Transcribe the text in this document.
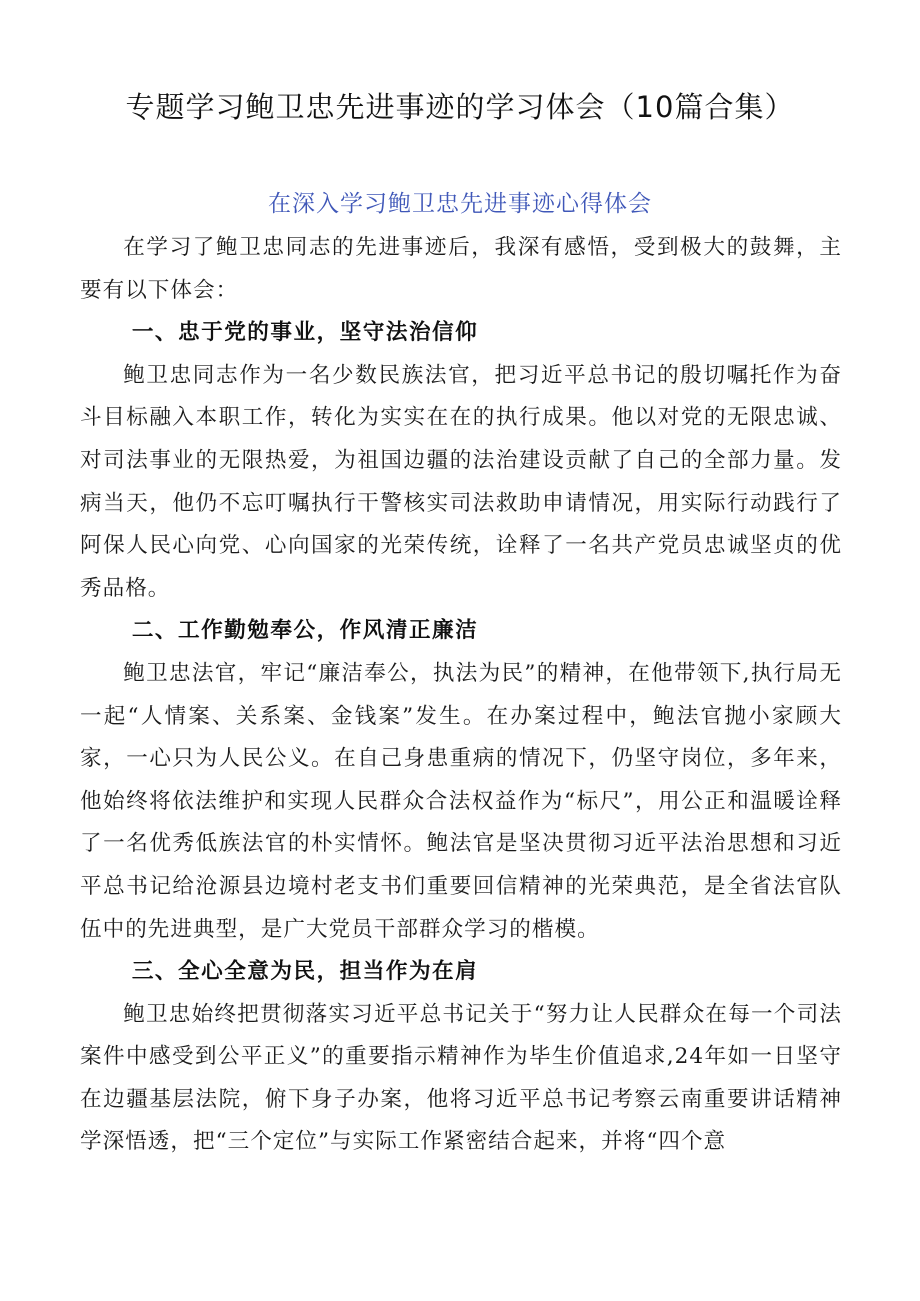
专题学习鲍卫忠先进事迹的学习体会（10篇合集）
在深入学习鲍卫忠先进事迹心得体会

在学习了鲍卫忠同志的先进事迹后，我深有感悟，受到极大的鼓舞，主要有以下体会：

一、忠于党的事业，坚守法治信仰

鲍卫忠同志作为一名少数民族法官，把习近平总书记的殷切嘱托作为奋斗目标融入本职工作，转化为实实在在的执行成果。他以对党的无限忠诚、对司法事业的无限热爱，为祖国边疆的法治建设贡献了自己的全部力量。发病当天，他仍不忘叮嘱执行干警核实司法救助申请情况，用实际行动践行了阿保人民心向党、心向国家的光荣传统，诠释了一名共产党员忠诚坚贞的优秀品格。

二、工作勤勉奉公，作风清正廉洁

鲍卫忠法官，牢记“廉洁奉公，执法为民”的精神，在他带领下,执行局无一起“人情案、关系案、金钱案”发生。在办案过程中，鲍法官抛小家顾大家，一心只为人民公义。在自己身患重病的情况下，仍坚守岗位，多年来，他始终将依法维护和实现人民群众合法权益作为“标尺”，用公正和温暖诠释了一名优秀低族法官的朴实情怀。鲍法官是坚决贯彻习近平法治思想和习近平总书记给沧源县边境村老支书们重要回信精神的光荣典范，是全省法官队伍中的先进典型，是广大党员干部群众学习的楷模。

三、全心全意为民，担当作为在肩

鲍卫忠始终把贯彻落实习近平总书记关于“努力让人民群众在每一个司法案件中感受到公平正义”的重要指示精神作为毕生价值追求,24年如一日坚守在边疆基层法院，俯下身子办案，他将习近平总书记考察云南重要讲话精神学深悟透，把“三个定位”与实际工作紧密结合起来，并将“四个意
